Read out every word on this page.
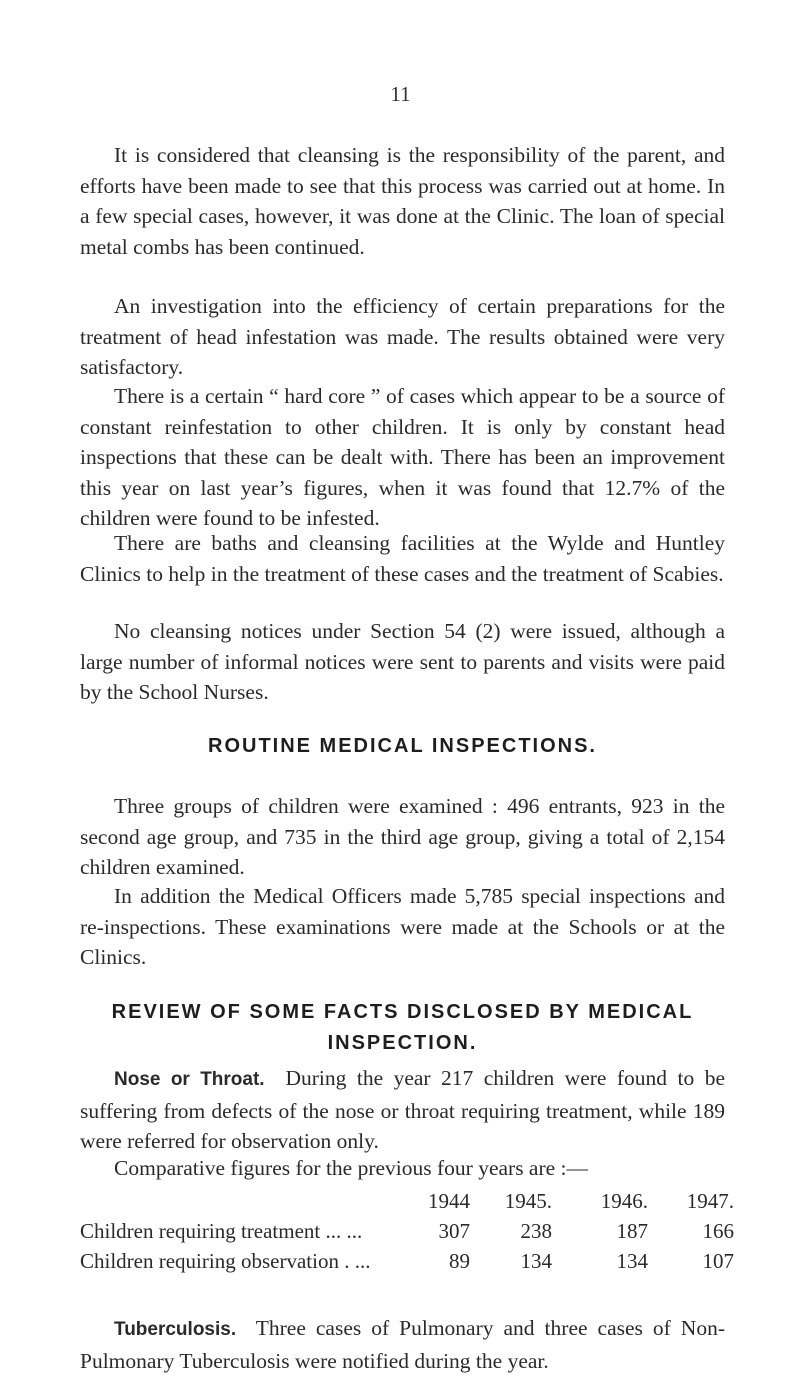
11

It is considered that cleansing is the responsibility of the parent, and efforts have been made to see that this process was carried out at home. In a few special cases, however, it was done at the Clinic. The loan of special metal combs has been continued.

An investigation into the efficiency of certain preparations for the treatment of head infestation was made. The results obtained were very satisfactory.

There is a certain “ hard core ” of cases which appear to be a source of constant reinfestation to other children. It is only by constant head inspections that these can be dealt with. There has been an improvement this year on last year’s figures, when it was found that 12.7% of the children were found to be infested.

There are baths and cleansing facilities at the Wylde and Huntley Clinics to help in the treatment of these cases and the treatment of Scabies.

No cleansing notices under Section 54 (2) were issued, although a large number of informal notices were sent to parents and visits were paid by the School Nurses.

ROUTINE MEDICAL INSPECTIONS.

Three groups of children were examined : 496 entrants, 923 in the second age group, and 735 in the third age group, giving a total of 2,154 children examined.

In addition the Medical Officers made 5,785 special inspections and re-inspections. These examinations were made at the Schools or at the Clinics.

REVIEW OF SOME FACTS DISCLOSED BY MEDICAL
INSPECTION.

Nose or Throat. During the year 217 children were found to be suffering from defects of the nose or throat requiring treatment, while 189 were referred for observation only.

Comparative figures for the previous four years are :—

	1944	1945.	1946.	1947.
Children requiring treatment ... ...	307	238	187	166
Children requiring observation . ...	89	134	134	107

Tuberculosis. Three cases of Pulmonary and three cases of Non-Pulmonary Tuberculosis were notified during the year.
